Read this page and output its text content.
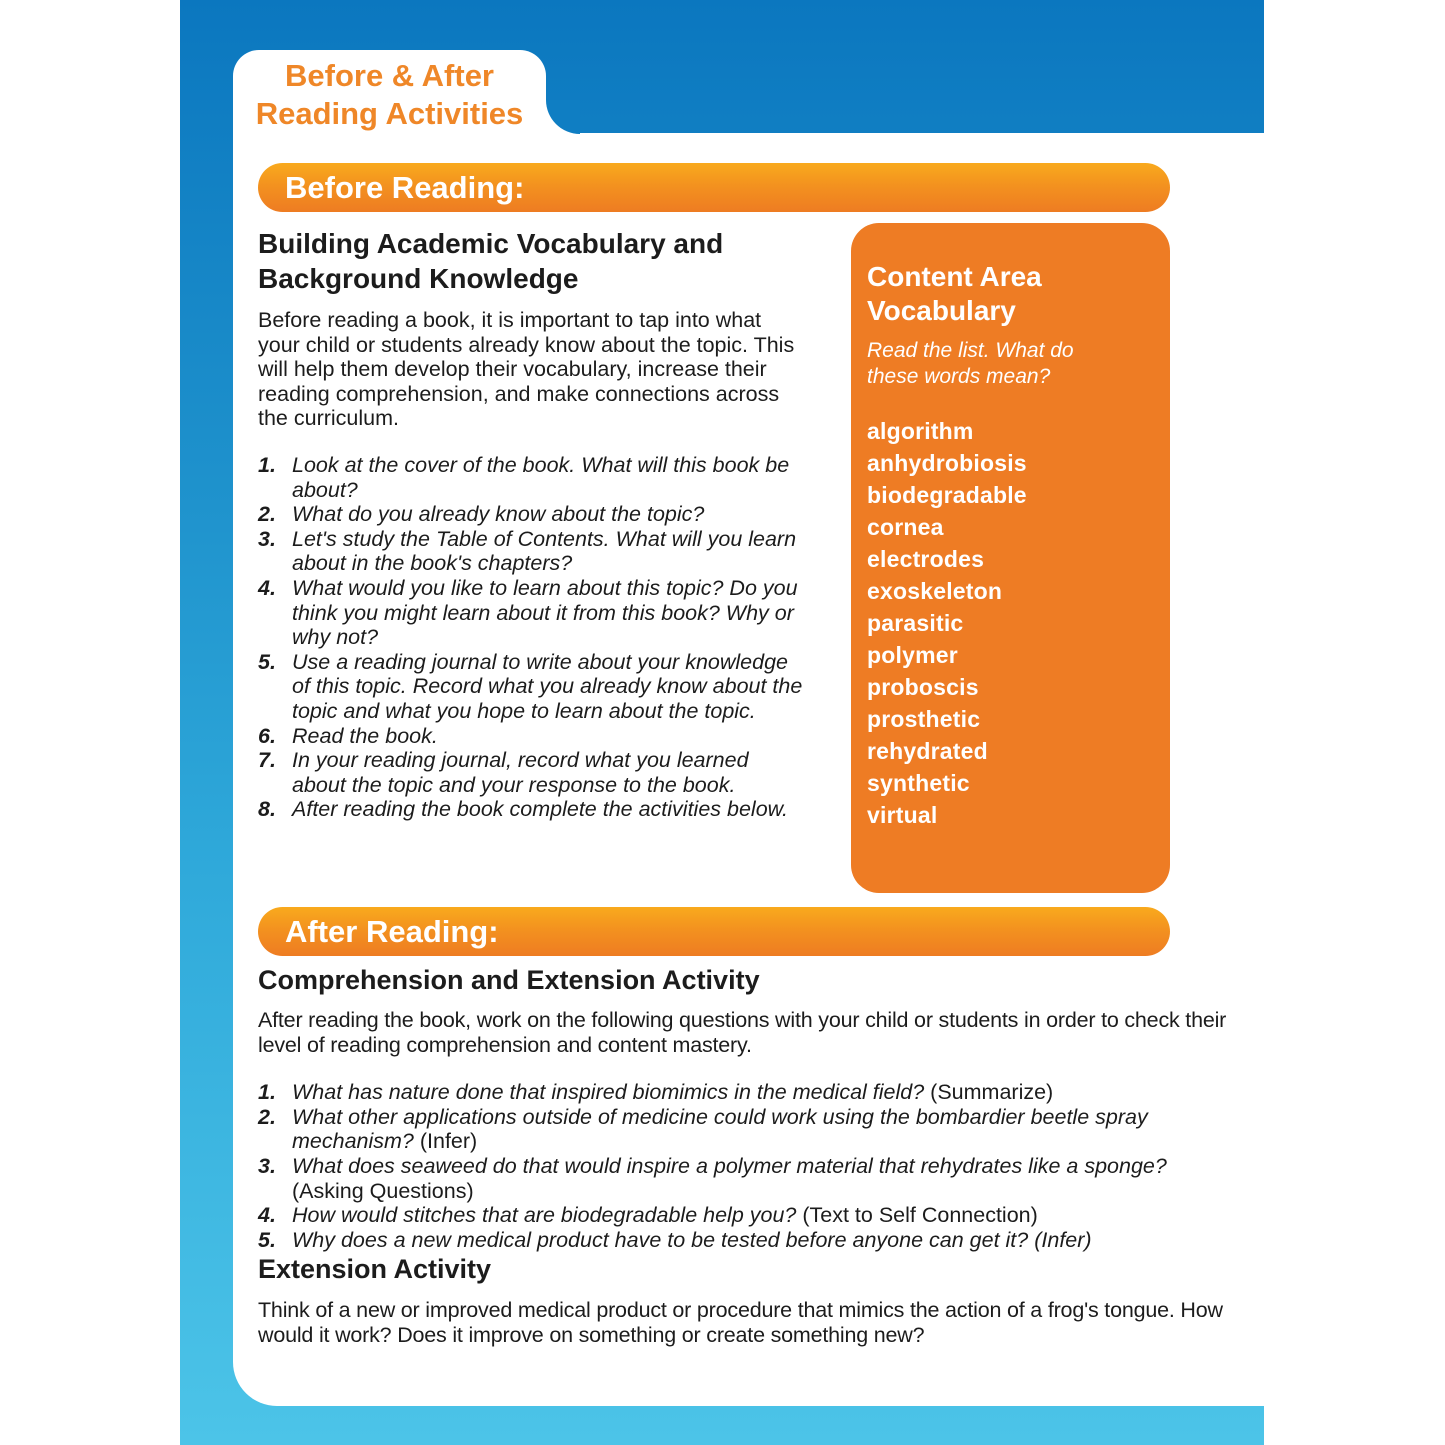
Before & After
Reading Activities
Before Reading:
Building Academic Vocabulary and Background Knowledge
Before reading a book, it is important to tap into what your child or students already know about the topic. This will help them develop their vocabulary, increase their reading comprehension, and make connections across the curriculum.
1. Look at the cover of the book. What will this book be about?
2. What do you already know about the topic?
3. Let's study the Table of Contents. What will you learn about in the book's chapters?
4. What would you like to learn about this topic? Do you think you might learn about it from this book? Why or why not?
5. Use a reading journal to write about your knowledge of this topic. Record what you already know about the topic and what you hope to learn about the topic.
6. Read the book.
7. In your reading journal, record what you learned about the topic and your response to the book.
8. After reading the book complete the activities below.
Content Area Vocabulary
Read the list. What do these words mean?
algorithm
anhydrobiosis
biodegradable
cornea
electrodes
exoskeleton
parasitic
polymer
proboscis
prosthetic
rehydrated
synthetic
virtual
After Reading:
Comprehension and Extension Activity
After reading the book, work on the following questions with your child or students in order to check their level of reading comprehension and content mastery.
1. What has nature done that inspired biomimics in the medical field? (Summarize)
2. What other applications outside of medicine could work using the bombardier beetle spray mechanism? (Infer)
3. What does seaweed do that would inspire a polymer material that rehydrates like a sponge? (Asking Questions)
4. How would stitches that are biodegradable help you? (Text to Self Connection)
5. Why does a new medical product have to be tested before anyone can get it? (Infer)
Extension Activity
Think of a new or improved medical product or procedure that mimics the action of a frog's tongue. How would it work? Does it improve on something or create something new?
